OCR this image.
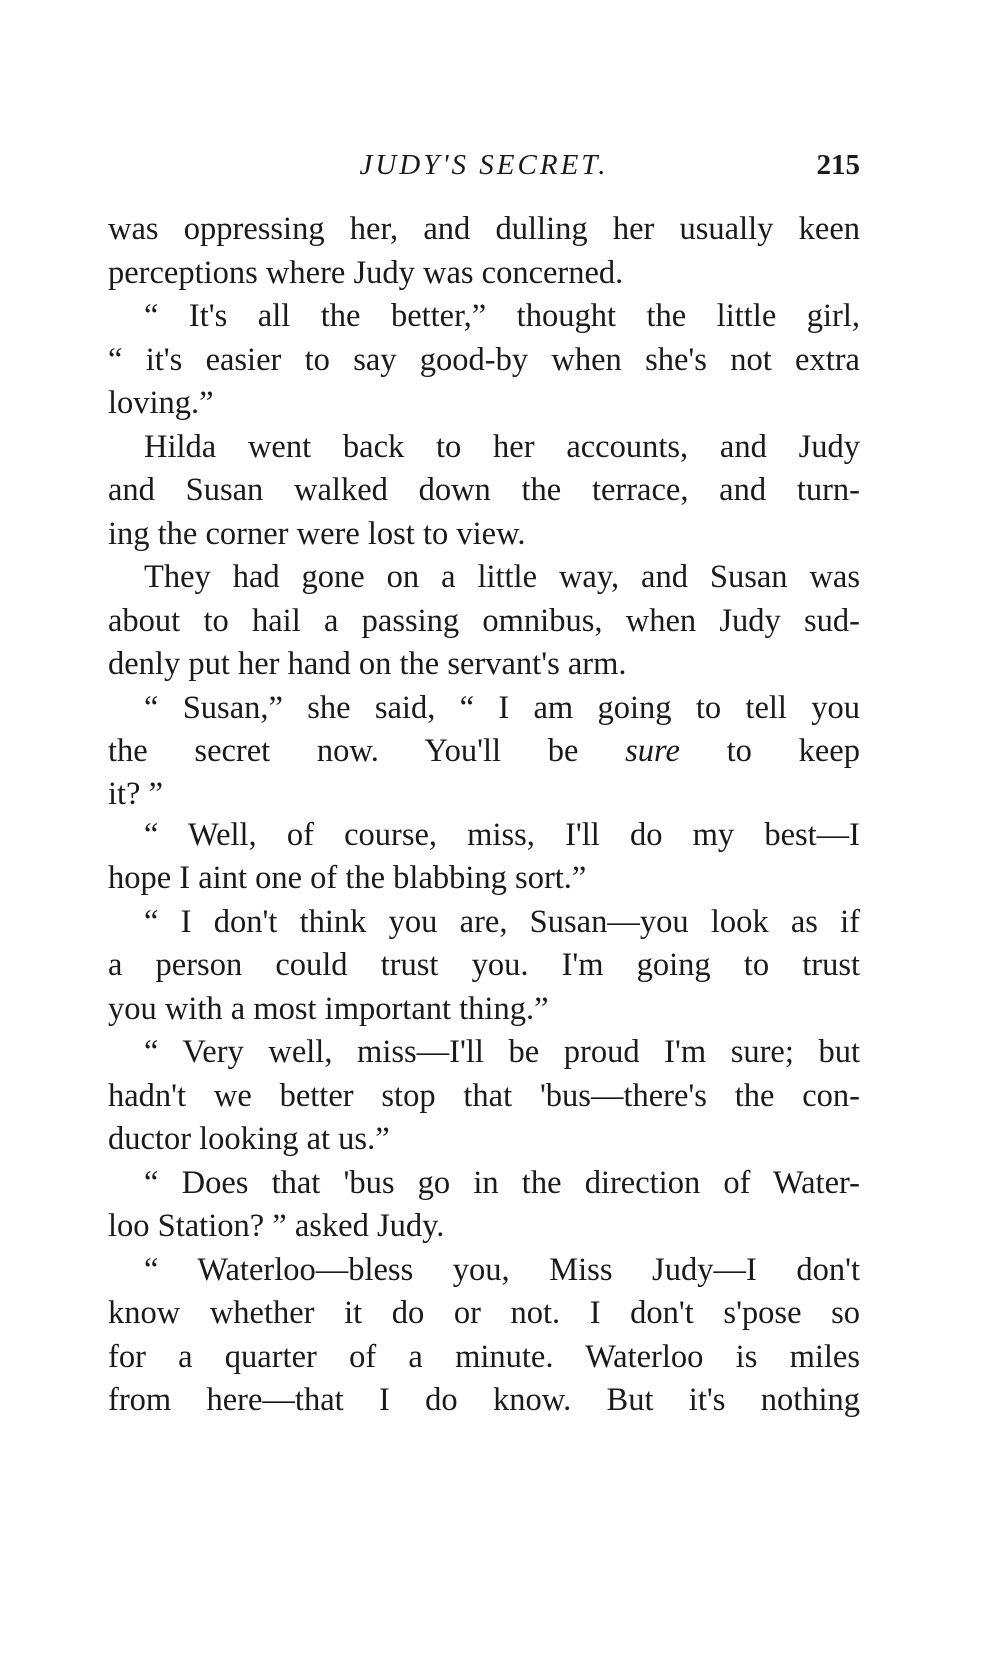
JUDY'S SECRET.	215
was oppressing her, and dulling her usually keen
perceptions where Judy was concerned.
“ It's all the better,” thought the little girl,
“ it's easier to say good-by when she's not extra
loving.”
Hilda went back to her accounts, and Judy
and Susan walked down the terrace, and turn-
ing the corner were lost to view.
They had gone on a little way, and Susan was
about to hail a passing omnibus, when Judy sud-
denly put her hand on the servant's arm.
“ Susan,” she said, “ I am going to tell you
the secret now. You'll be sure to keep
it? ”
“ Well, of course, miss, I'll do my best—I
hope I aint one of the blabbing sort.”
“ I don't think you are, Susan—you look as if
a person could trust you. I'm going to trust
you with a most important thing.”
“ Very well, miss—I'll be proud I'm sure; but
hadn't we better stop that 'bus—there's the con-
ductor looking at us.”
“ Does that 'bus go in the direction of Water-
loo Station? ” asked Judy.
“ Waterloo—bless you, Miss Judy—I don't
know whether it do or not. I don't s'pose so
for a quarter of a minute. Waterloo is miles
from here—that I do know. But it's nothing
